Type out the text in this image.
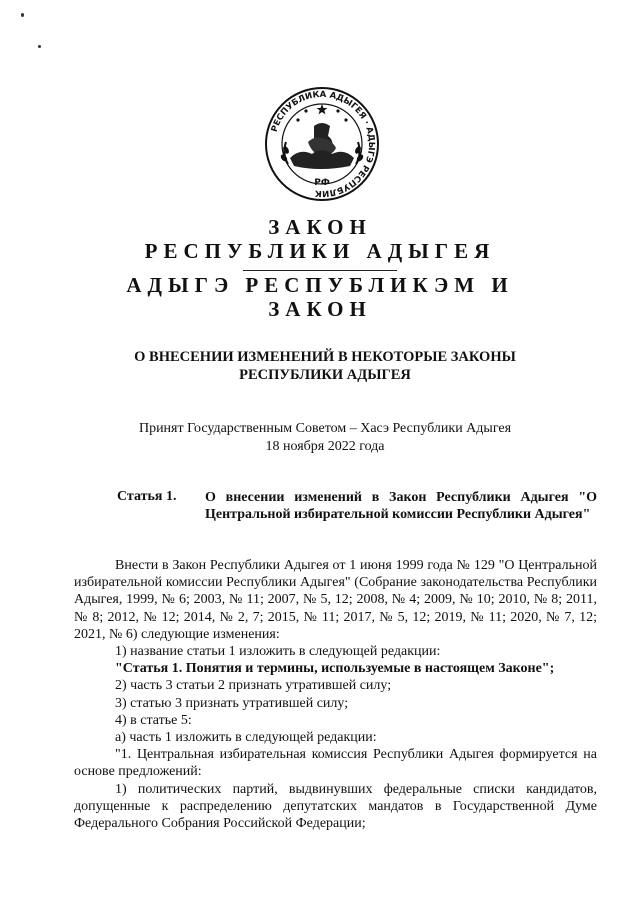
РЕСПУБЛИКА АДЫГЕЯ · АДЫГЭ РЕСПУБЛИК
РФ
ЗАКОН
РЕСПУБЛИКИ АДЫГЕЯ
АДЫГЭ РЕСПУБЛИКЭМ И
ЗАКОН
О ВНЕСЕНИИ ИЗМЕНЕНИЙ В НЕКОТОРЫЕ ЗАКОНЫ
РЕСПУБЛИКИ АДЫГЕЯ
Принят Государственным Советом – Хасэ Республики Адыгея
18 ноября 2022 года
Статья 1. О внесении изменений в Закон Республики Адыгея "О Центральной избирательной комиссии Республики Адыгея"

Внести в Закон Республики Адыгея от 1 июня 1999 года № 129 "О Центральной избирательной комиссии Республики Адыгея" (Собрание законодательства Республики Адыгея, 1999, № 6; 2003, № 11; 2007, № 5, 12; 2008, № 4; 2009, № 10; 2010, № 8; 2011, № 8; 2012, № 12; 2014, № 2, 7; 2015, № 11; 2017, № 5, 12; 2019, № 11; 2020, № 7, 12; 2021, № 6) следующие изменения:

1) название статьи 1 изложить в следующей редакции:

"Статья 1. Понятия и термины, используемые в настоящем Законе";

2) часть 3 статьи 2 признать утратившей силу;

3) статью 3 признать утратившей силу;

4) в статье 5:

а) часть 1 изложить в следующей редакции:

"1. Центральная избирательная комиссия Республики Адыгея формируется на основе предложений:

1) политических партий, выдвинувших федеральные списки кандидатов, допущенные к распределению депутатских мандатов в Государственной Думе Федерального Собрания Российской Федерации;
